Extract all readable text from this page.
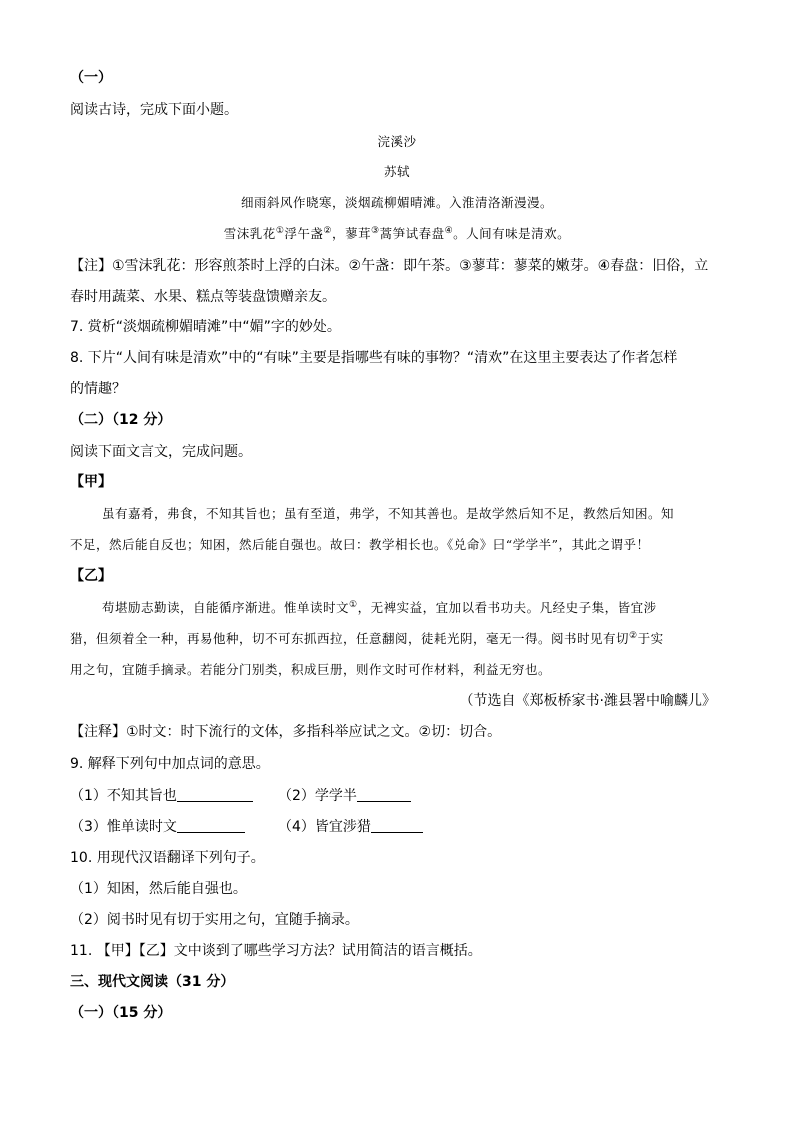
（一）
阅读古诗，完成下面小题。
浣溪沙
苏轼
细雨斜风作晓寒，淡烟疏柳媚晴滩。入淮清洛渐漫漫。
雪沫乳花①浮午盏②，蓼茸③蒿笋试春盘④。人间有味是清欢。
【注】①雪沫乳花：形容煎茶时上浮的白沫。②午盏：即午茶。③蓼茸：蓼菜的嫩芽。④春盘：旧俗，立
春时用蔬菜、水果、糕点等装盘馈赠亲友。
7. 赏析“淡烟疏柳媚晴滩”中“媚”字的妙处。
8. 下片“人间有味是清欢”中的“有味”主要是指哪些有味的事物？“清欢”在这里主要表达了作者怎样
的情趣？
（二）（12 分）
阅读下面文言文，完成问题。
【甲】
虽有嘉肴，弗食，不知其旨也；虽有至道，弗学，不知其善也。是故学然后知不足，教然后知困。知
不足，然后能自反也；知困，然后能自强也。故曰：教学相长也。《兑命》曰“学学半”，其此之谓乎！
【乙】
苟堪励志勤读，自能循序渐进。惟单读时文①，无裨实益，宜加以看书功夫。凡经史子集，皆宜涉
猎，但须着全一种，再易他种，切不可东抓西拉，任意翻阅，徒耗光阴，毫无一得。阅书时见有切②于实
用之句，宜随手摘录。若能分门别类，积成巨册，则作文时可作材料，利益无穷也。
（节选自《郑板桥家书·潍县署中喻麟儿》
【注释】①时文：时下流行的文体，多指科举应试之文。②切：切合。
9. 解释下列句中加点词的意思。
（1）不知其旨也	（2）学学半
（3）惟单读时文	（4）皆宜涉猎
10. 用现代汉语翻译下列句子。
（1）知困，然后能自强也。
（2）阅书时见有切于实用之句，宜随手摘录。
11. 【甲】【乙】文中谈到了哪些学习方法？试用简洁的语言概括。
三、现代文阅读（31 分）
（一）（15 分）
